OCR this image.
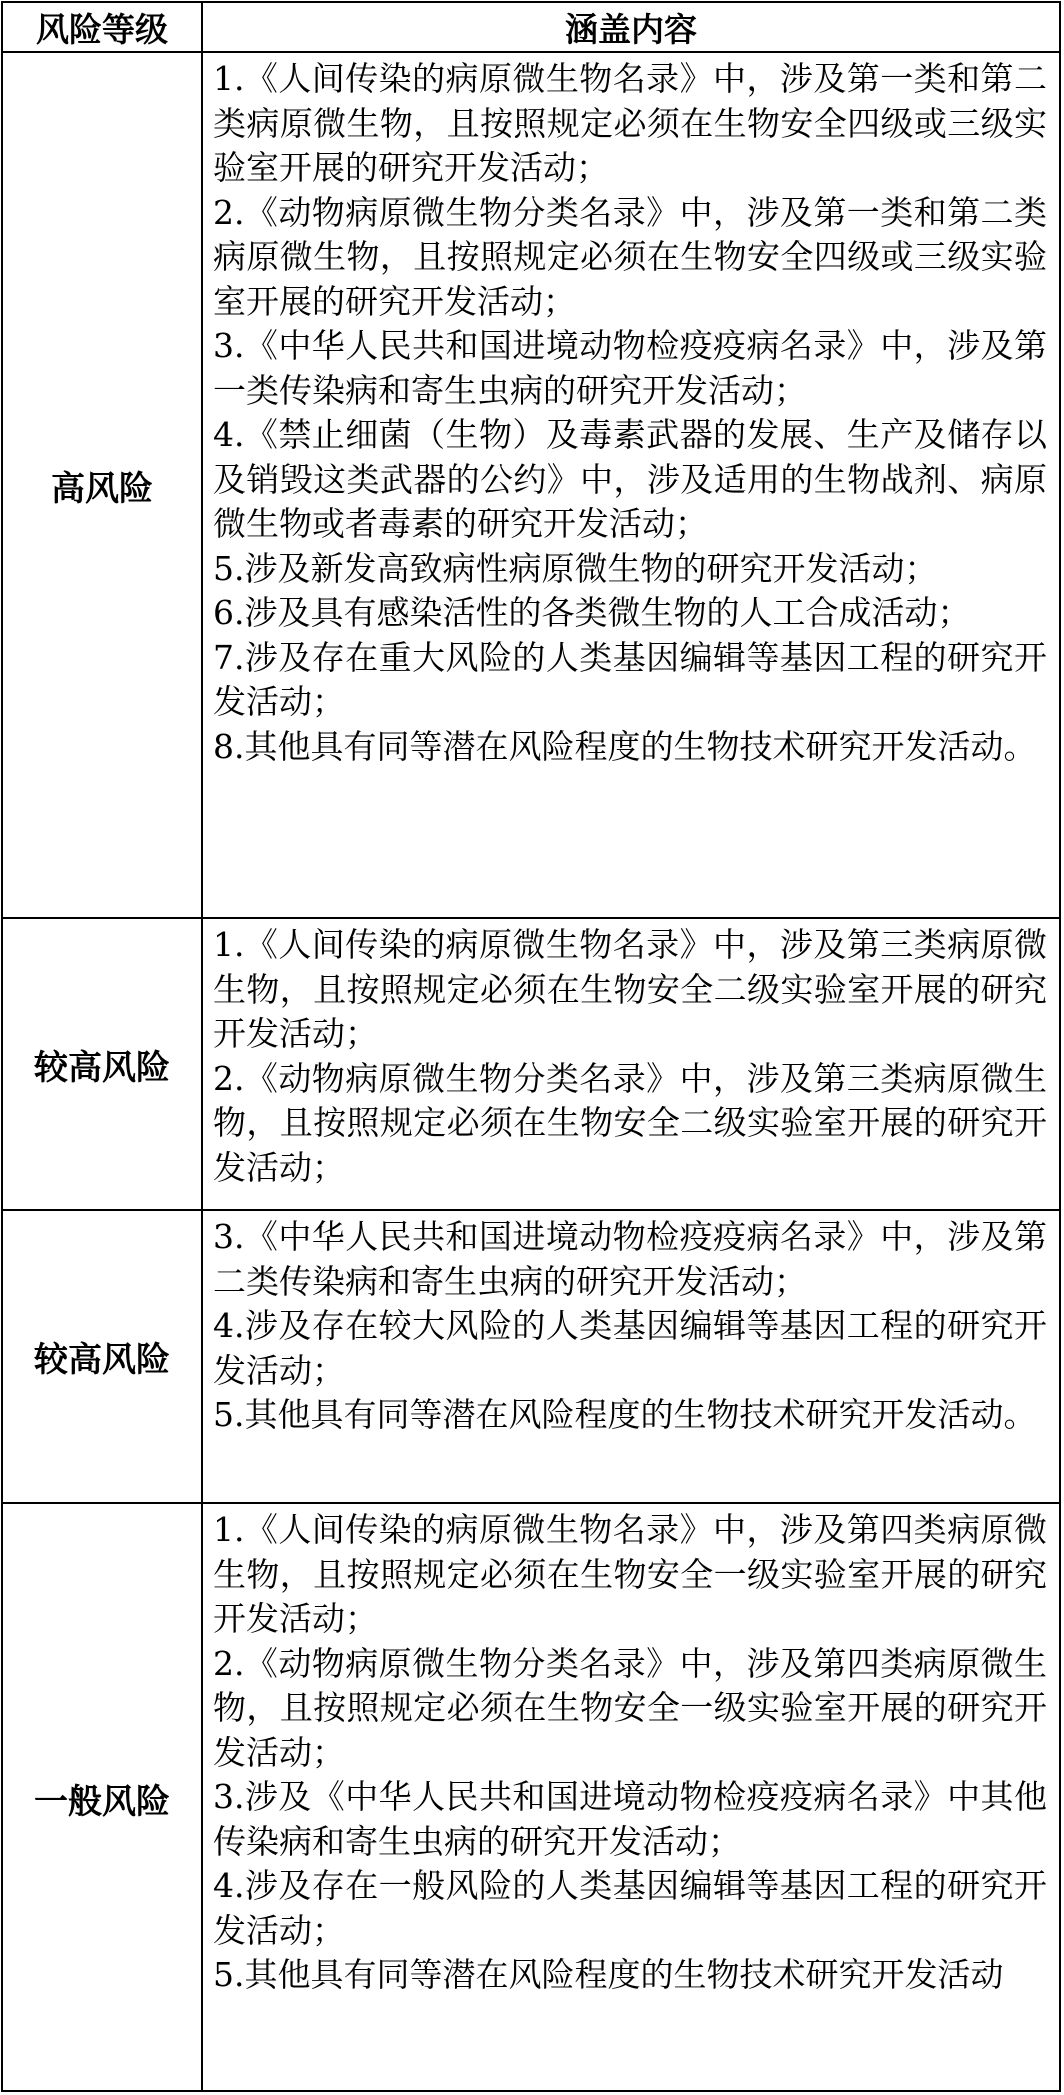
风险等级	涵盖内容
高风险

1.《人间传染的病原微生物名录》中，涉及第一类和第二类病原微生物，且按照规定必须在生物安全四级或三级实验室开展的研究开发活动；

2.《动物病原微生物分类名录》中，涉及第一类和第二类病原微生物，且按照规定必须在生物安全四级或三级实验室开展的研究开发活动；

3.《中华人民共和国进境动物检疫疫病名录》中，涉及第一类传染病和寄生虫病的研究开发活动；

4.《禁止细菌（生物）及毒素武器的发展、生产及储存以及销毁这类武器的公约》中，涉及适用的生物战剂、病原微生物或者毒素的研究开发活动；

5.涉及新发高致病性病原微生物的研究开发活动；

6.涉及具有感染活性的各类微生物的人工合成活动；

7.涉及存在重大风险的人类基因编辑等基因工程的研究开发活动；

8.其他具有同等潜在风险程度的生物技术研究开发活动。

较高风险

1.《人间传染的病原微生物名录》中，涉及第三类病原微生物，且按照规定必须在生物安全二级实验室开展的研究开发活动；

2.《动物病原微生物分类名录》中，涉及第三类病原微生物，且按照规定必须在生物安全二级实验室开展的研究开发活动；

较高风险

3.《中华人民共和国进境动物检疫疫病名录》中，涉及第二类传染病和寄生虫病的研究开发活动；

4.涉及存在较大风险的人类基因编辑等基因工程的研究开发活动；

5.其他具有同等潜在风险程度的生物技术研究开发活动。

一般风险

1.《人间传染的病原微生物名录》中，涉及第四类病原微生物，且按照规定必须在生物安全一级实验室开展的研究开发活动；

2.《动物病原微生物分类名录》中，涉及第四类病原微生物，且按照规定必须在生物安全一级实验室开展的研究开发活动；

3.涉及《中华人民共和国进境动物检疫疫病名录》中其他传染病和寄生虫病的研究开发活动；

4.涉及存在一般风险的人类基因编辑等基因工程的研究开发活动；

5.其他具有同等潜在风险程度的生物技术研究开发活动
